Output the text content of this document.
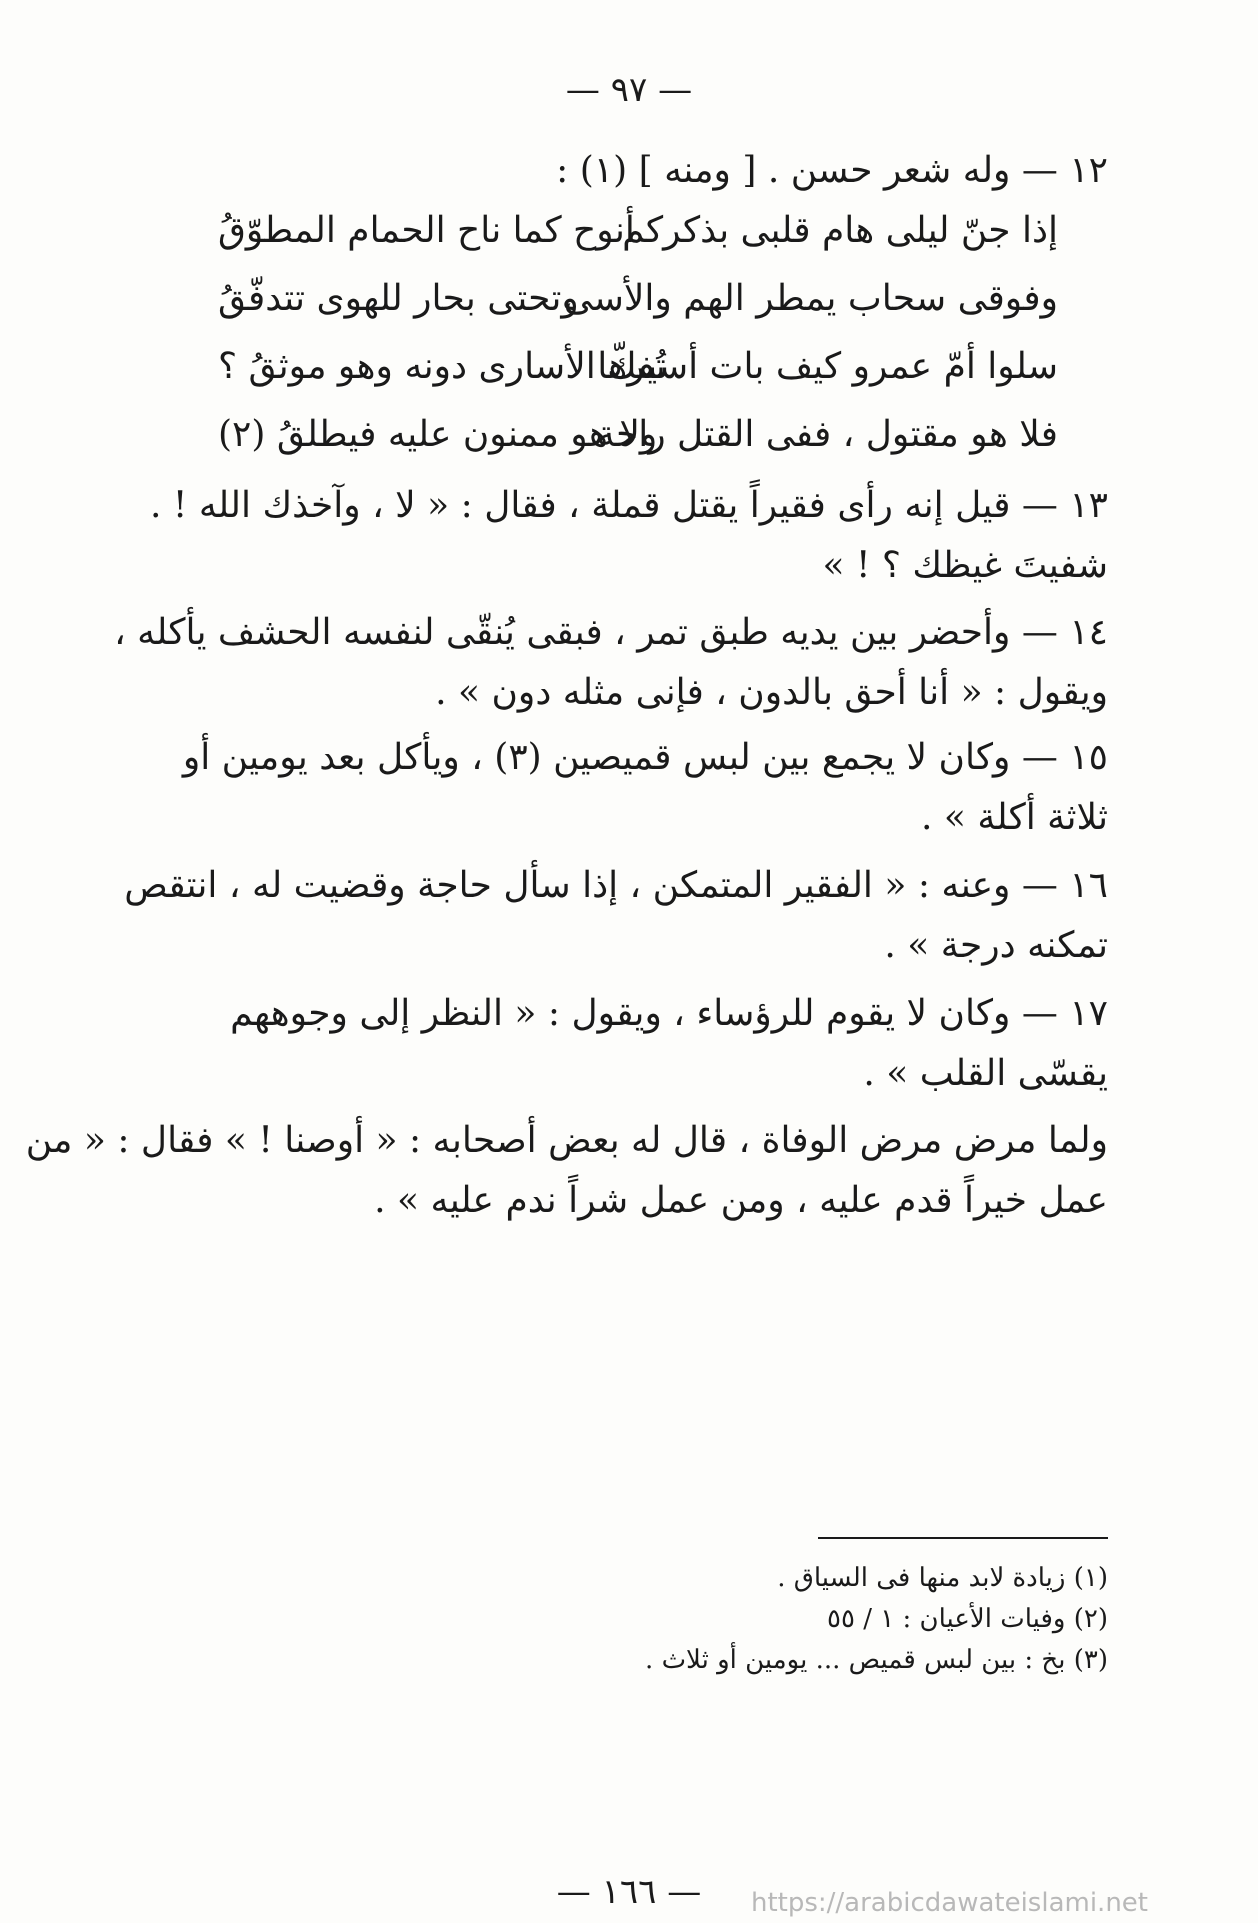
— ٩٧ —
١٢ — وله شعر حسن . [ ومنه ] (١) :
إذا جنّ ليلى هام قلبى بذكركم
أنوح كما ناح الحمام المطوّقُ
وفوقى سحاب يمطر الهم والأسى
وتحتى بحار للهوى تتدفّقُ
سلوا أمّ عمرو كيف بات أسيرها
تُفكّ الأسارى دونه وهو موثقُ ؟
فلا هو مقتول ، ففى القتل راحة
ولا هو ممنون عليه فيطلقُ (٢)
١٣ — قيل إنه رأى فقيراً يقتل قملة ، فقال : « لا ، وآخذك الله ! .
شفيتَ غيظك ؟ ! »
١٤ — وأحضر بين يديه طبق تمر ، فبقى يُنقّى لنفسه الحشف يأكله ،
ويقول : « أنا أحق بالدون ، فإنى مثله دون » .
١٥ — وكان لا يجمع بين لبس قميصين (٣) ، ويأكل بعد يومين أو
ثلاثة أكلة » .
١٦ — وعنه : « الفقير المتمكن ، إذا سأل حاجة وقضيت له ، انتقص
تمكنه درجة » .
١٧ — وكان لا يقوم للرؤساء ، ويقول : « النظر إلى وجوههم
يقسّى القلب » .
ولما مرض مرض الوفاة ، قال له بعض أصحابه : « أوصنا ! » فقال : « من
عمل خيراً قدم عليه ، ومن عمل شراً ندم عليه » .
(١) زيادة لابد منها فى السياق .
(٢) وفيات الأعيان : ١ / ٥٥
(٣) بخ : بين لبس قميص ... يومين أو ثلاث .
— ١٦٦ —	https://arabicdawateislami.net
